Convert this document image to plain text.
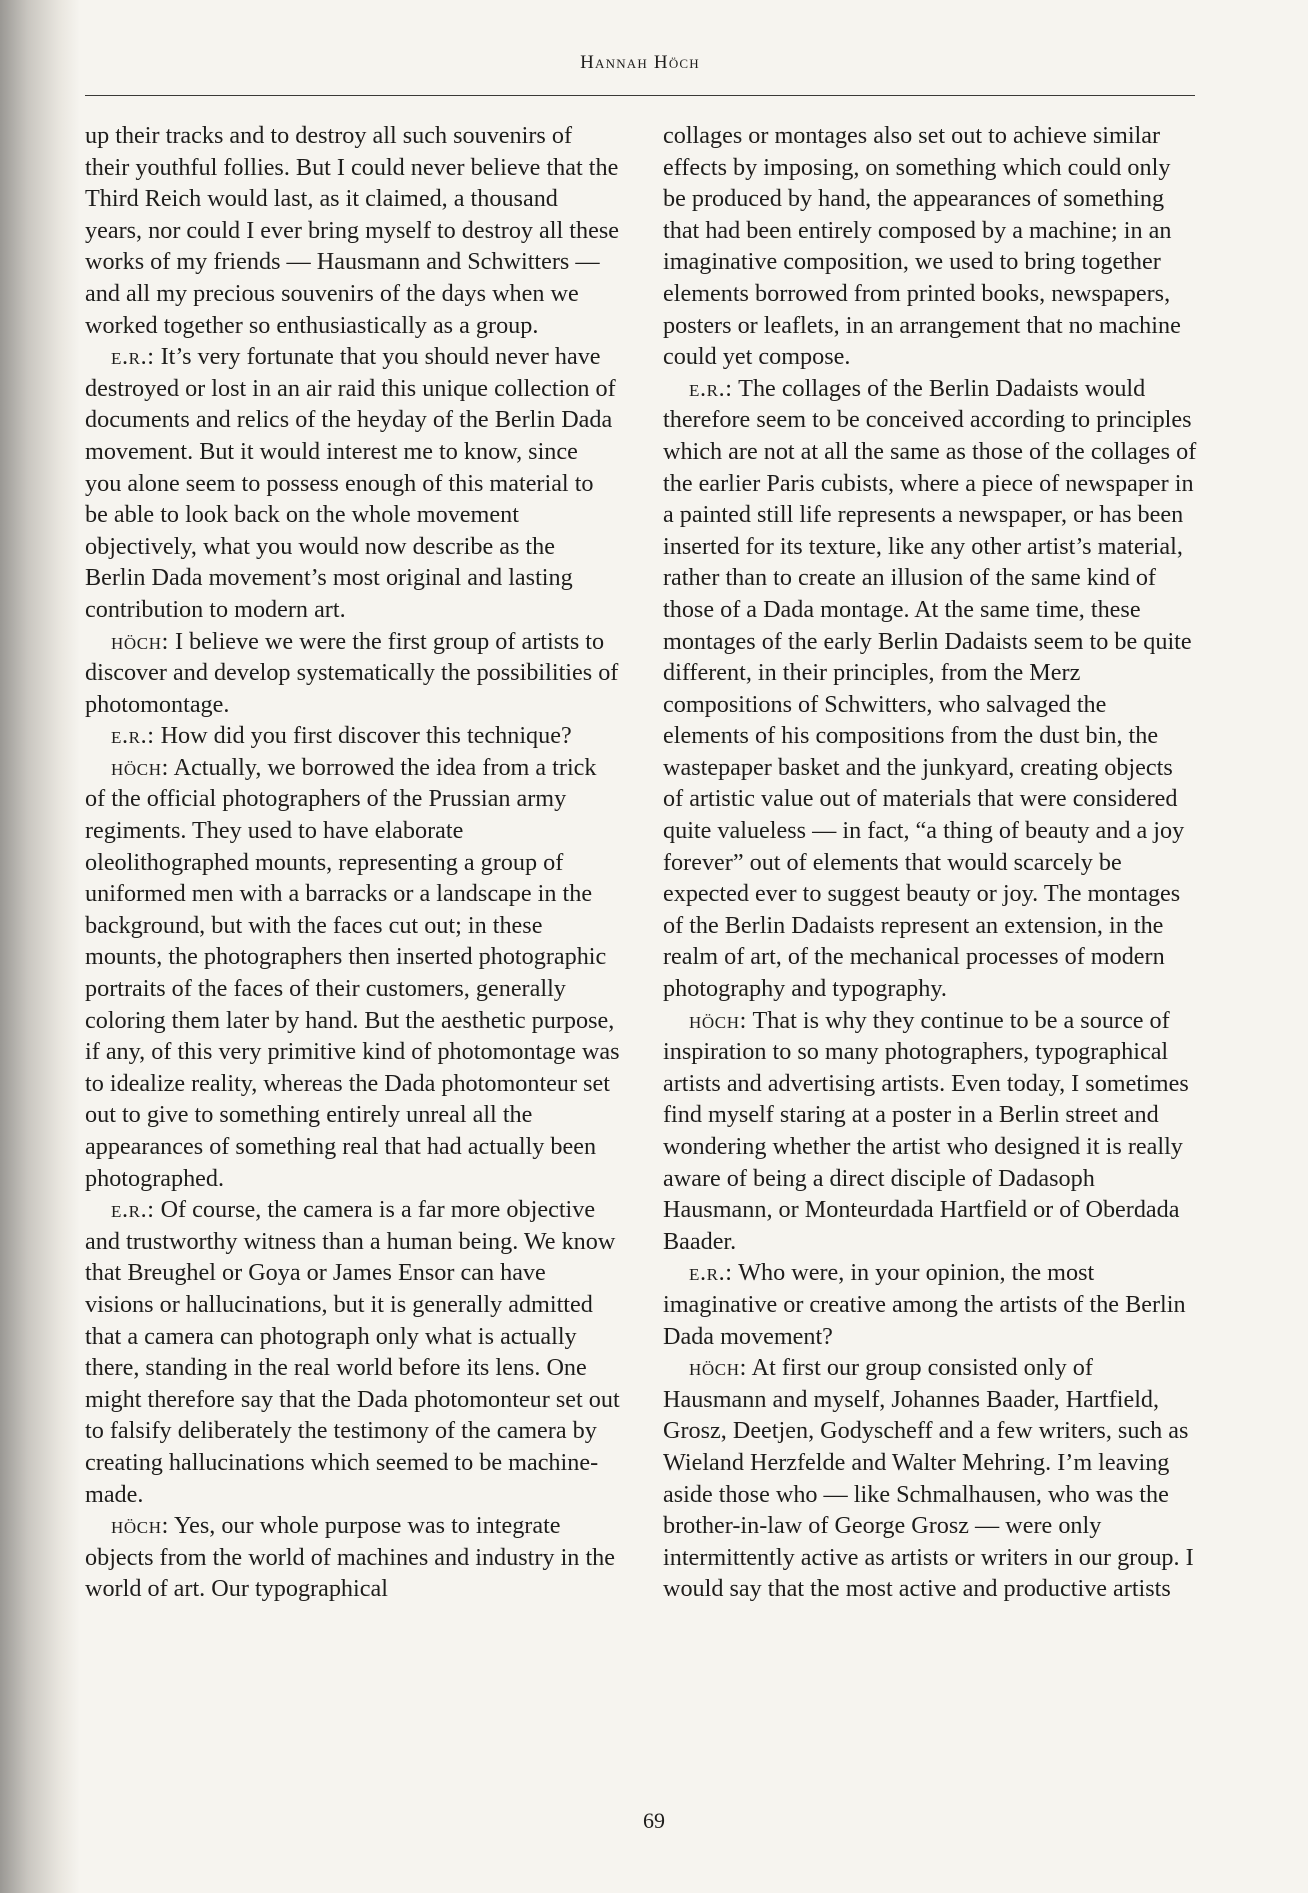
Hannah Höch

up their tracks and to destroy all such souvenirs of their youthful follies. But I could never believe that the Third Reich would last, as it claimed, a thousand years, nor could I ever bring myself to destroy all these works of my friends — Hausmann and Schwitters — and all my precious souvenirs of the days when we worked together so enthusiastically as a group.

e.r.: It’s very fortunate that you should never have destroyed or lost in an air raid this unique collection of documents and relics of the heyday of the Berlin Dada movement. But it would interest me to know, since you alone seem to possess enough of this material to be able to look back on the whole movement objectively, what you would now describe as the Berlin Dada movement’s most original and lasting contribution to modern art.

höch: I believe we were the first group of artists to discover and develop systematically the possibilities of photomontage.

e.r.: How did you first discover this technique?

höch: Actually, we borrowed the idea from a trick of the official photographers of the Prussian army regiments. They used to have elaborate oleolithographed mounts, representing a group of uniformed men with a barracks or a landscape in the background, but with the faces cut out; in these mounts, the photographers then inserted photographic portraits of the faces of their customers, generally coloring them later by hand. But the aesthetic purpose, if any, of this very primitive kind of photomontage was to idealize reality, whereas the Dada photomonteur set out to give to something entirely unreal all the appearances of something real that had actually been photographed.

e.r.: Of course, the camera is a far more objective and trustworthy witness than a human being. We know that Breughel or Goya or James Ensor can have visions or hallucinations, but it is generally admitted that a camera can photograph only what is actually there, standing in the real world before its lens. One might therefore say that the Dada photomonteur set out to falsify deliberately the testimony of the camera by creating hallucinations which seemed to be machine-made.

höch: Yes, our whole purpose was to integrate objects from the world of machines and industry in the world of art. Our typographical

collages or montages also set out to achieve similar effects by imposing, on something which could only be produced by hand, the appearances of something that had been entirely composed by a machine; in an imaginative composition, we used to bring together elements borrowed from printed books, newspapers, posters or leaflets, in an arrangement that no machine could yet compose.

e.r.: The collages of the Berlin Dadaists would therefore seem to be conceived according to principles which are not at all the same as those of the collages of the earlier Paris cubists, where a piece of newspaper in a painted still life represents a newspaper, or has been inserted for its texture, like any other artist’s material, rather than to create an illusion of the same kind of those of a Dada montage. At the same time, these montages of the early Berlin Dadaists seem to be quite different, in their principles, from the Merz compositions of Schwitters, who salvaged the elements of his compositions from the dust bin, the wastepaper basket and the junkyard, creating objects of artistic value out of materials that were considered quite valueless — in fact, “a thing of beauty and a joy forever” out of elements that would scarcely be expected ever to suggest beauty or joy. The montages of the Berlin Dadaists represent an extension, in the realm of art, of the mechanical processes of modern photography and typography.

höch: That is why they continue to be a source of inspiration to so many photographers, typographical artists and advertising artists. Even today, I sometimes find myself staring at a poster in a Berlin street and wondering whether the artist who designed it is really aware of being a direct disciple of Dadasoph Hausmann, or Monteurdada Hartfield or of Oberdada Baader.

e.r.: Who were, in your opinion, the most imaginative or creative among the artists of the Berlin Dada movement?

höch: At first our group consisted only of Hausmann and myself, Johannes Baader, Hartfield, Grosz, Deetjen, Godyscheff and a few writers, such as Wieland Herzfelde and Walter Mehring. I’m leaving aside those who — like Schmalhausen, who was the brother-in-law of George Grosz — were only intermittently active as artists or writers in our group. I would say that the most active and productive artists

69
